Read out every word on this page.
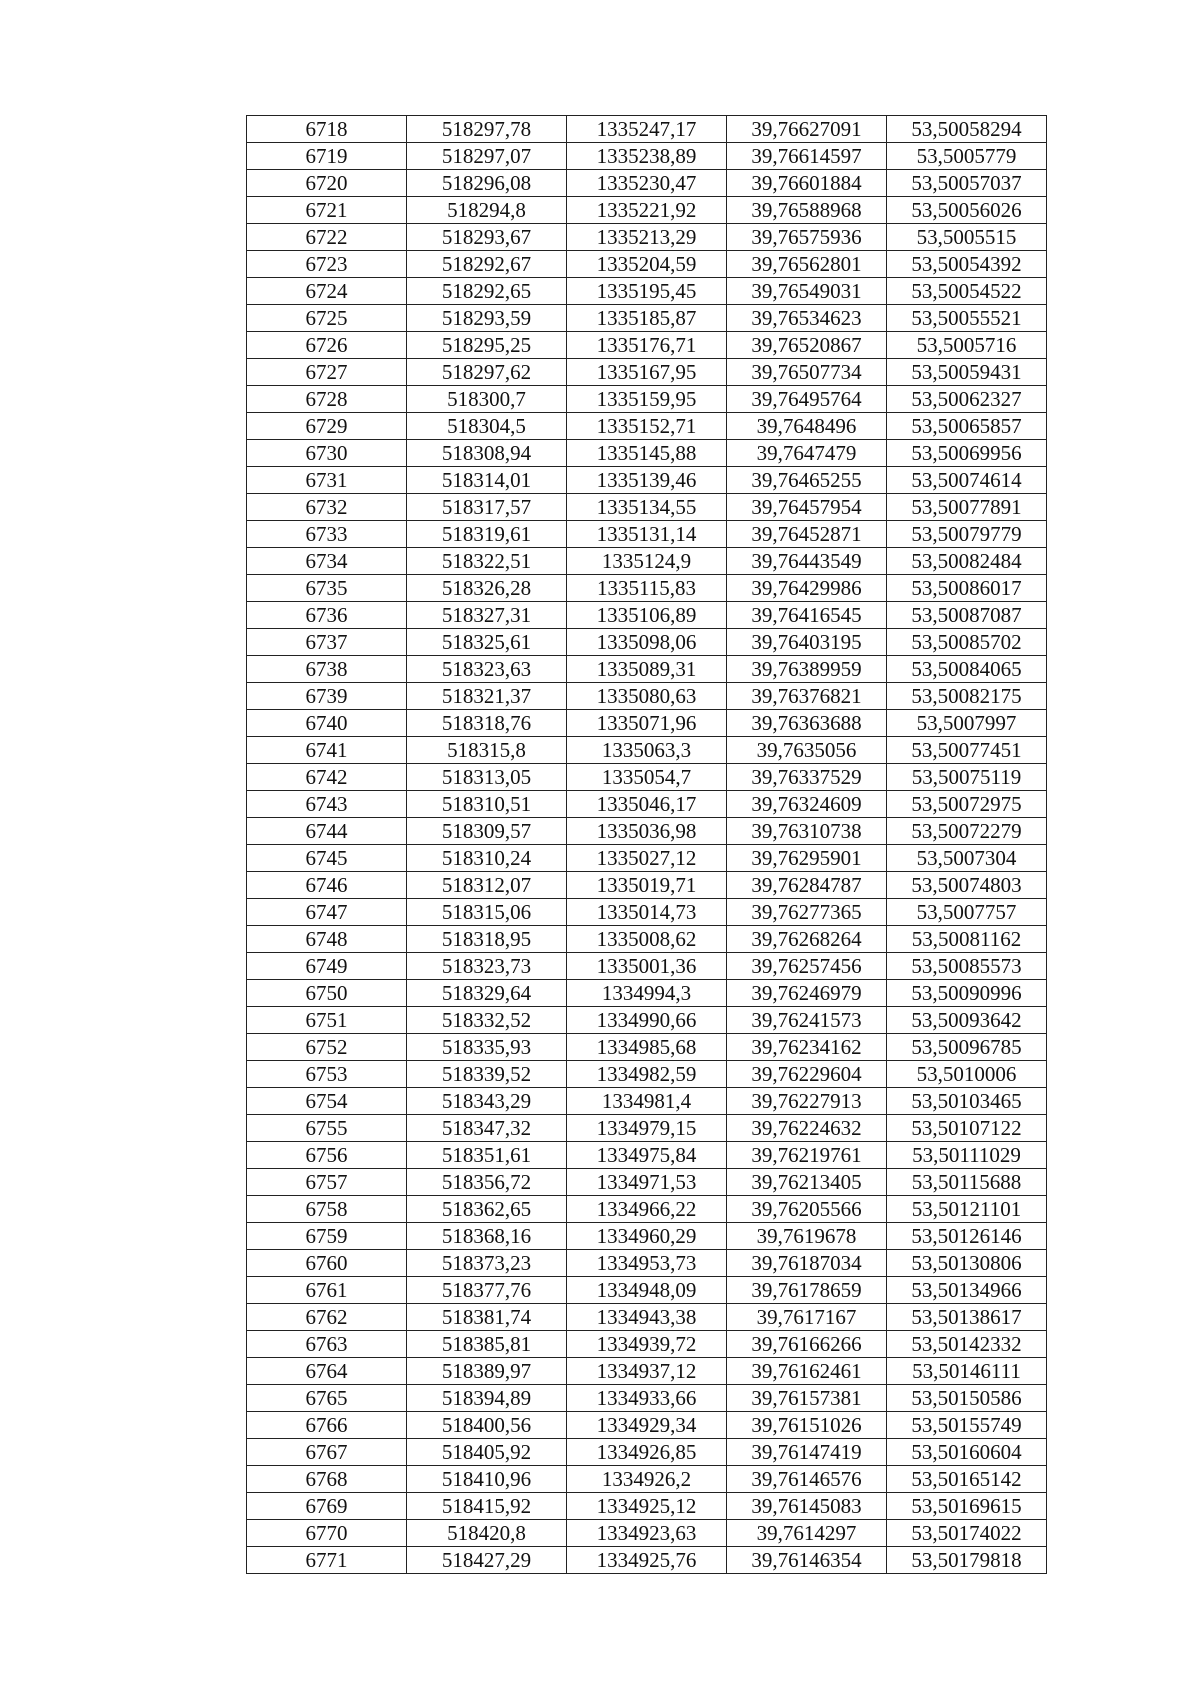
6718	518297,78	1335247,17	39,76627091	53,50058294
6719	518297,07	1335238,89	39,76614597	53,5005779
6720	518296,08	1335230,47	39,76601884	53,50057037
6721	518294,8	1335221,92	39,76588968	53,50056026
6722	518293,67	1335213,29	39,76575936	53,5005515
6723	518292,67	1335204,59	39,76562801	53,50054392
6724	518292,65	1335195,45	39,76549031	53,50054522
6725	518293,59	1335185,87	39,76534623	53,50055521
6726	518295,25	1335176,71	39,76520867	53,5005716
6727	518297,62	1335167,95	39,76507734	53,50059431
6728	518300,7	1335159,95	39,76495764	53,50062327
6729	518304,5	1335152,71	39,7648496	53,50065857
6730	518308,94	1335145,88	39,7647479	53,50069956
6731	518314,01	1335139,46	39,76465255	53,50074614
6732	518317,57	1335134,55	39,76457954	53,50077891
6733	518319,61	1335131,14	39,76452871	53,50079779
6734	518322,51	1335124,9	39,76443549	53,50082484
6735	518326,28	1335115,83	39,76429986	53,50086017
6736	518327,31	1335106,89	39,76416545	53,50087087
6737	518325,61	1335098,06	39,76403195	53,50085702
6738	518323,63	1335089,31	39,76389959	53,50084065
6739	518321,37	1335080,63	39,76376821	53,50082175
6740	518318,76	1335071,96	39,76363688	53,5007997
6741	518315,8	1335063,3	39,7635056	53,50077451
6742	518313,05	1335054,7	39,76337529	53,50075119
6743	518310,51	1335046,17	39,76324609	53,50072975
6744	518309,57	1335036,98	39,76310738	53,50072279
6745	518310,24	1335027,12	39,76295901	53,5007304
6746	518312,07	1335019,71	39,76284787	53,50074803
6747	518315,06	1335014,73	39,76277365	53,5007757
6748	518318,95	1335008,62	39,76268264	53,50081162
6749	518323,73	1335001,36	39,76257456	53,50085573
6750	518329,64	1334994,3	39,76246979	53,50090996
6751	518332,52	1334990,66	39,76241573	53,50093642
6752	518335,93	1334985,68	39,76234162	53,50096785
6753	518339,52	1334982,59	39,76229604	53,5010006
6754	518343,29	1334981,4	39,76227913	53,50103465
6755	518347,32	1334979,15	39,76224632	53,50107122
6756	518351,61	1334975,84	39,76219761	53,50111029
6757	518356,72	1334971,53	39,76213405	53,50115688
6758	518362,65	1334966,22	39,76205566	53,50121101
6759	518368,16	1334960,29	39,7619678	53,50126146
6760	518373,23	1334953,73	39,76187034	53,50130806
6761	518377,76	1334948,09	39,76178659	53,50134966
6762	518381,74	1334943,38	39,7617167	53,50138617
6763	518385,81	1334939,72	39,76166266	53,50142332
6764	518389,97	1334937,12	39,76162461	53,50146111
6765	518394,89	1334933,66	39,76157381	53,50150586
6766	518400,56	1334929,34	39,76151026	53,50155749
6767	518405,92	1334926,85	39,76147419	53,50160604
6768	518410,96	1334926,2	39,76146576	53,50165142
6769	518415,92	1334925,12	39,76145083	53,50169615
6770	518420,8	1334923,63	39,7614297	53,50174022
6771	518427,29	1334925,76	39,76146354	53,50179818
